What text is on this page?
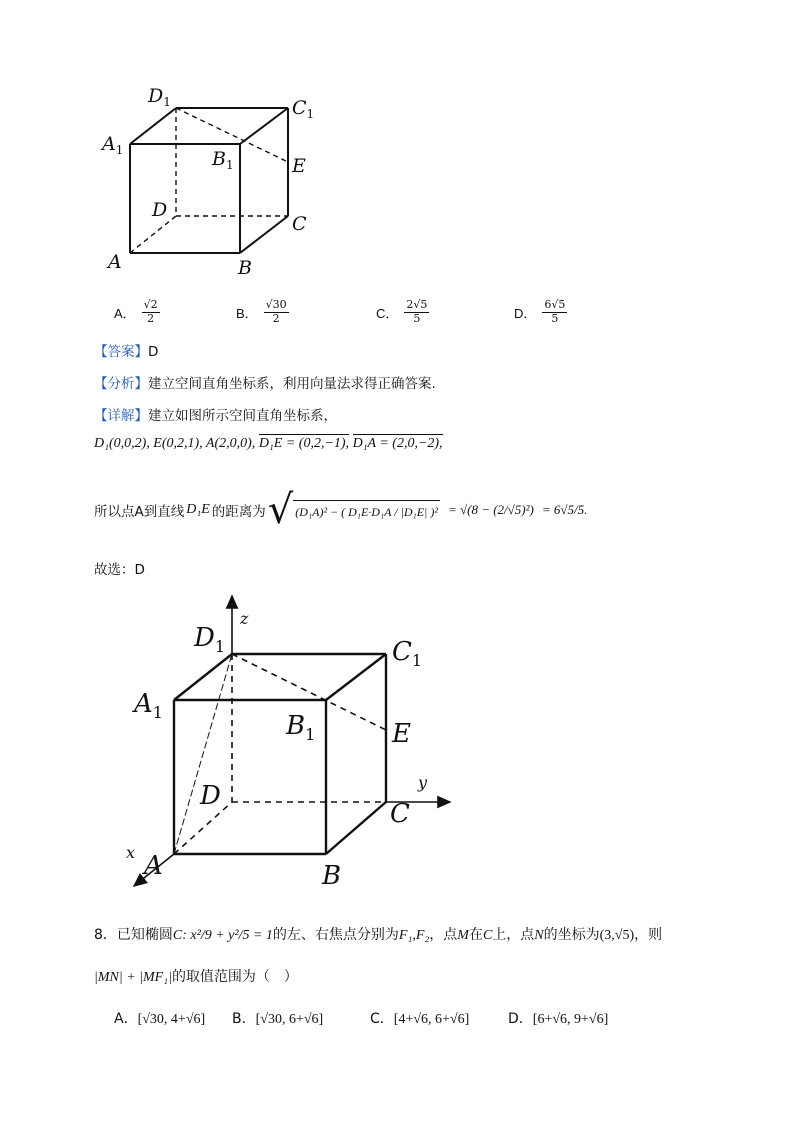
$D_1$	$C_1$
$A_1$	$B_1$	E
D
C
A	B
A． $\frac{√2}{2}$	B． $\frac{√30}{2}$	C． $\frac{2√5}{5}$	D． $\frac{6√5}{5}$
【答案】D
【分析】建立空间直角坐标系，利用向量法求得正确答案.
【详解】建立如图所示空间直角坐标系，
D₁(0,0,2), E(0,2,1), A(2,0,0), D₁E = (0,2,−1), D₁A = (2,0,−2),
所以点A到直线 D₁E 的距离为 √ (D₁A)² − ( D₁E·D₁A / |D₁E| )² = √(8 − (2/√5)²) = 6√5/5.
故选：D
z
y
x
$D_1$	$C_1$
$A_1$	$B_1$	E
D
C
A	B
8．已知椭圆C: x²/9 + y²/5 = 1的左、右焦点分别为F₁,F₂，点M在C上，点N的坐标为(3,√5)，则
|MN| + |MF₁|的取值范围为（　）
A．[√30, 4+√6]	B．[√30, 6+√6]	C．[4+√6, 6+√6]	D．[6+√6, 9+√6]
